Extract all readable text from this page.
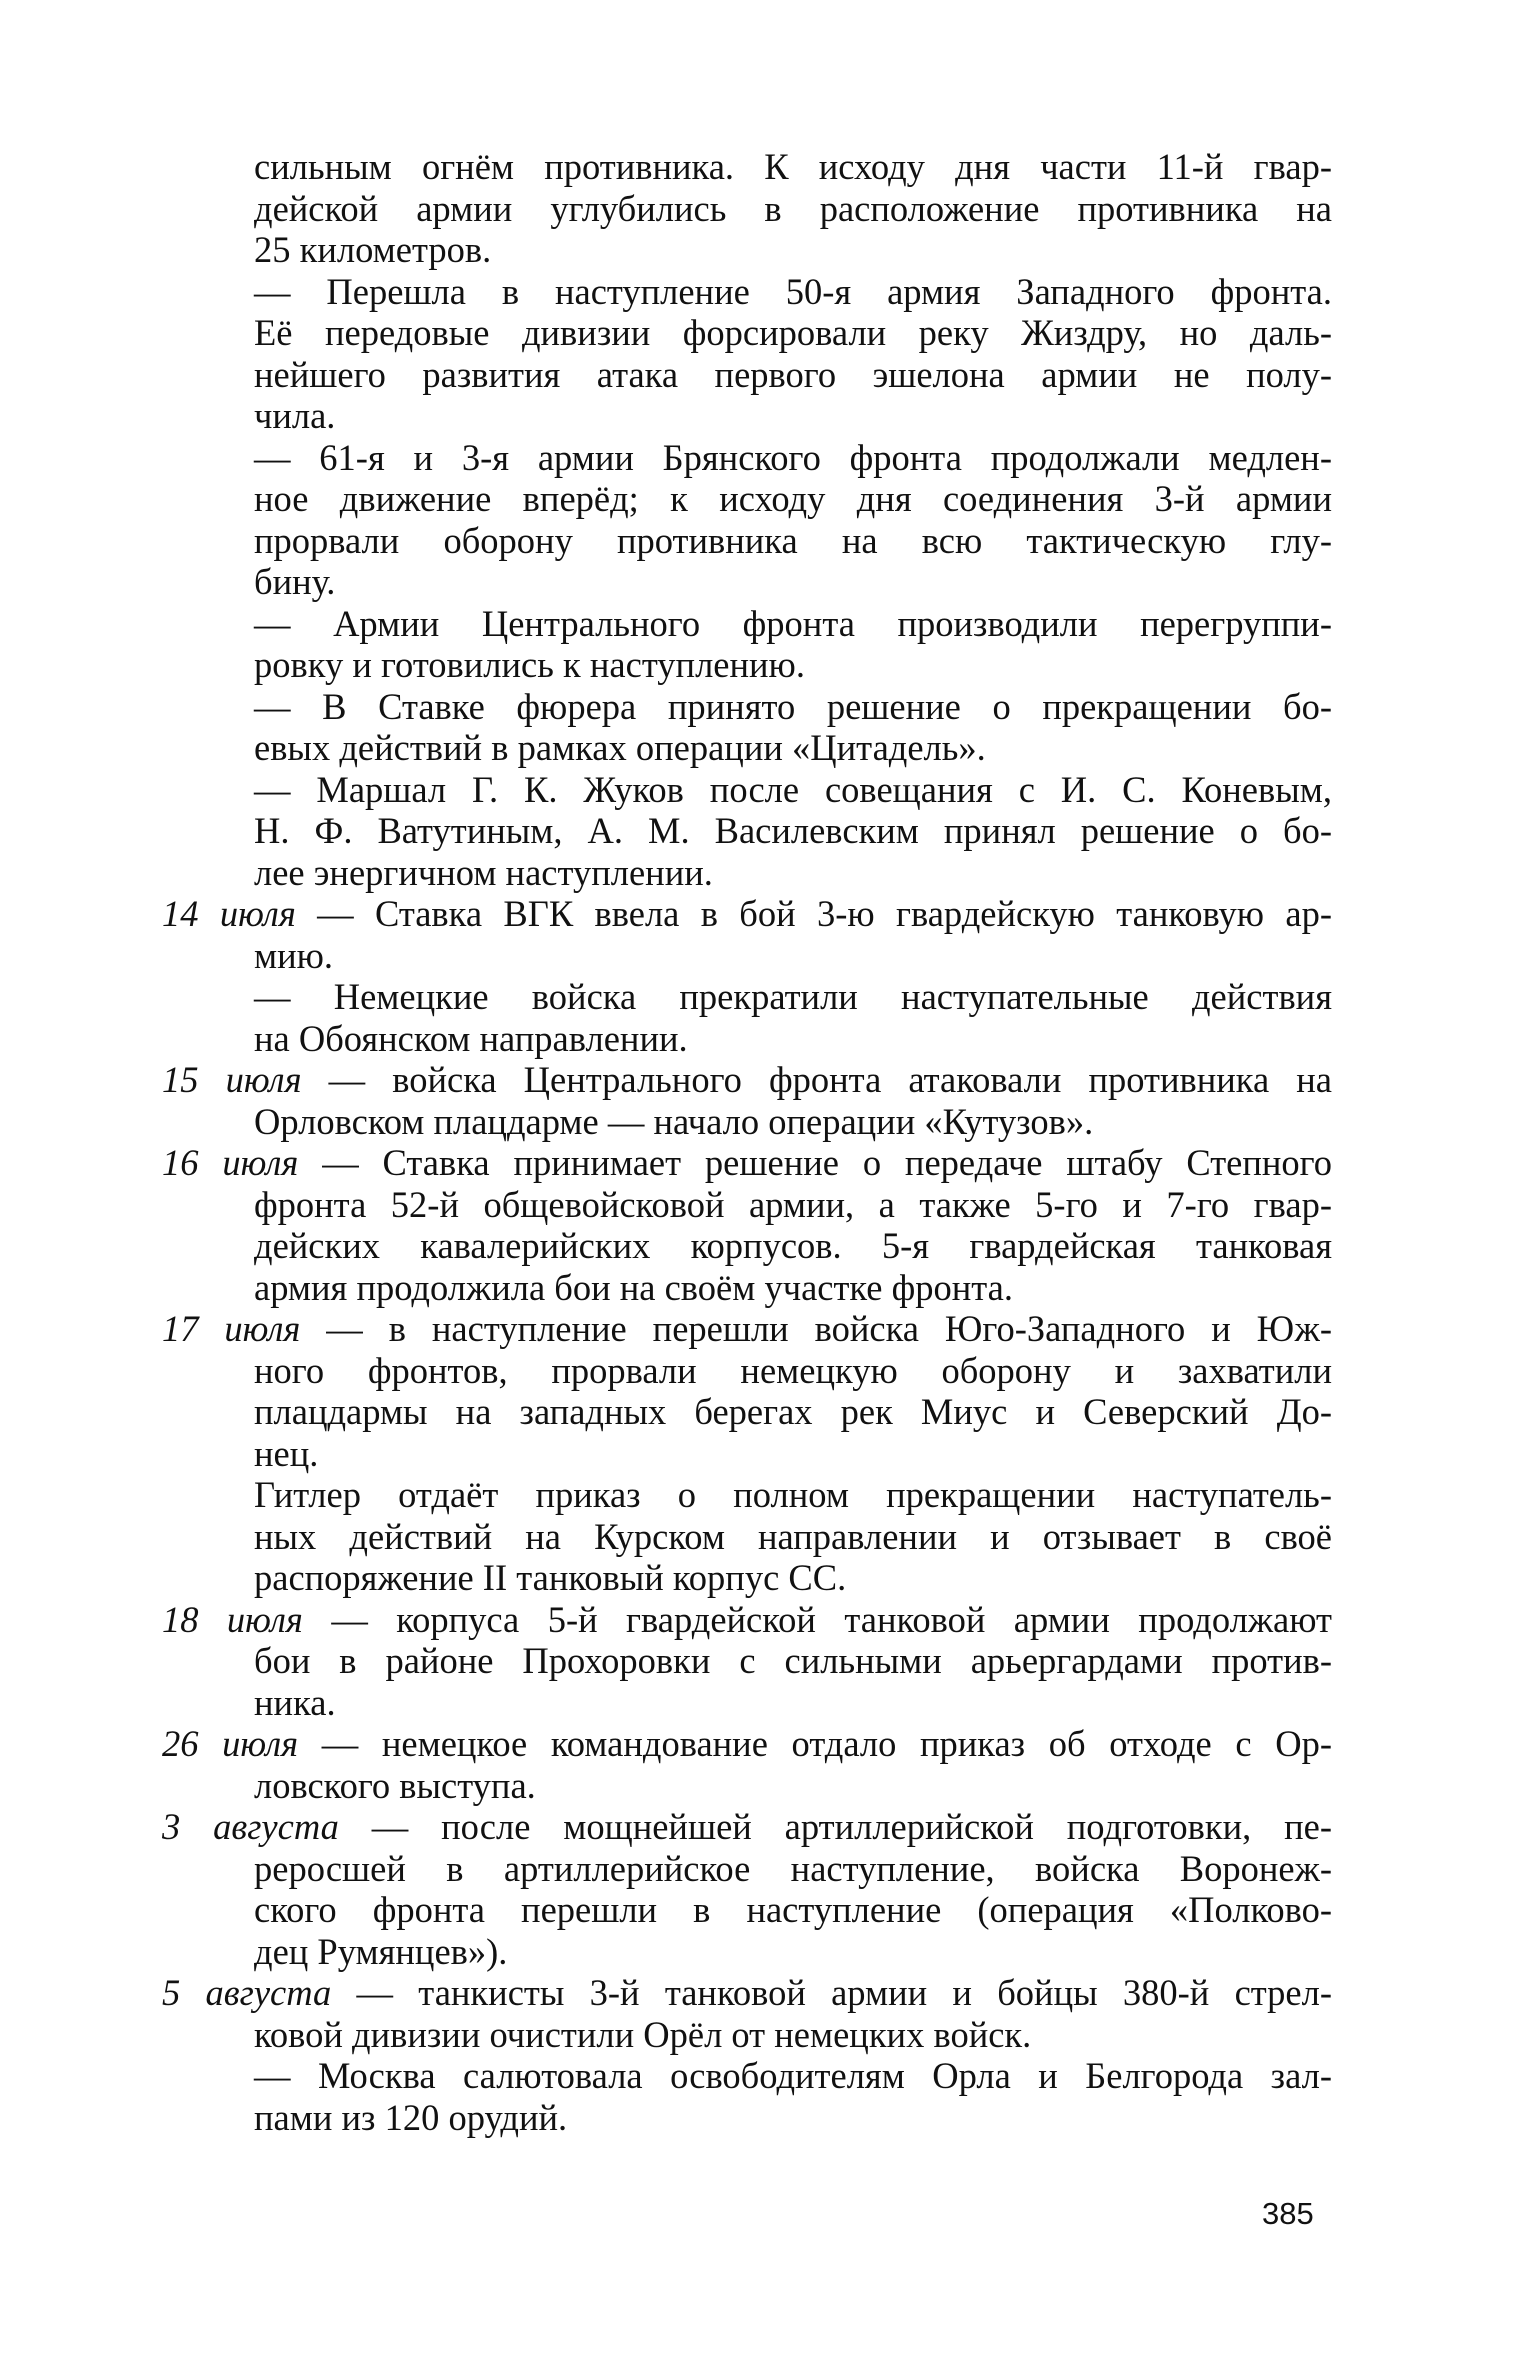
сильным огнём противника. К исходу дня части 11-й гвар-
дейской армии углубились в расположение противника на
25 километров.
— Перешла в наступление 50-я армия Западного фронта.
Её передовые дивизии форсировали реку Жиздру, но даль-
нейшего развития атака первого эшелона армии не полу-
чила.
— 61-я и 3-я армии Брянского фронта продолжали медлен-
ное движение вперёд; к исходу дня соединения 3-й армии
прорвали оборону противника на всю тактическую глу-
бину.
— Армии Центрального фронта производили перегруппи-
ровку и готовились к наступлению.
— В Ставке фюрера принято решение о прекращении бо-
евых действий в рамках операции «Цитадель».
— Маршал Г. К. Жуков после совещания с И. С. Коневым,
Н. Ф. Ватутиным, А. М. Василевским принял решение о бо-
лее энергичном наступлении.
14 июля — Ставка ВГК ввела в бой 3-ю гвардейскую танковую ар-
мию.
— Немецкие войска прекратили наступательные действия
на Обоянском направлении.
15 июля — войска Центрального фронта атаковали противника на
Орловском плацдарме — начало операции «Кутузов».
16 июля — Ставка принимает решение о передаче штабу Степного
фронта 52-й общевойсковой армии, а также 5-го и 7-го гвар-
дейских кавалерийских корпусов. 5-я гвардейская танковая
армия продолжила бои на своём участке фронта.
17 июля — в наступление перешли войска Юго-Западного и Юж-
ного фронтов, прорвали немецкую оборону и захватили
плацдармы на западных берегах рек Миус и Северский До-
нец.
Гитлер отдаёт приказ о полном прекращении наступатель-
ных действий на Курском направлении и отзывает в своё
распоряжение II танковый корпус СС.
18 июля — корпуса 5-й гвардейской танковой армии продолжают
бои в районе Прохоровки с сильными арьергардами против-
ника.
26 июля — немецкое командование отдало приказ об отходе с Ор-
ловского выступа.
3 августа — после мощнейшей артиллерийской подготовки, пе-
реросшей в артиллерийское наступление, войска Воронеж-
ского фронта перешли в наступление (операция «Полково-
дец Румянцев»).
5 августа — танкисты 3-й танковой армии и бойцы 380-й стрел-
ковой дивизии очистили Орёл от немецких войск.
— Москва салютовала освободителям Орла и Белгорода зал-
пами из 120 орудий.
385
